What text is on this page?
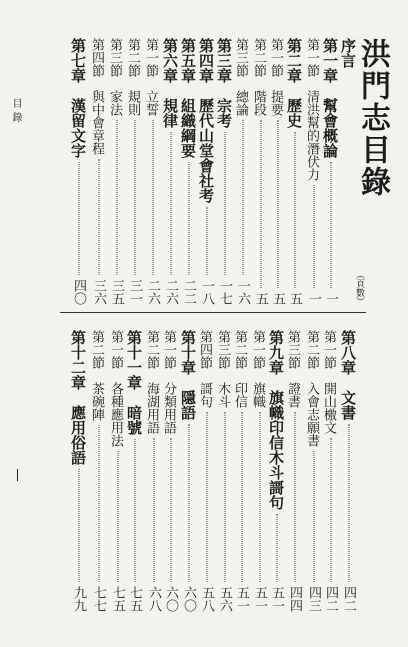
洪門志目錄
（頁數）
序言
第一章　幫會概論
一
第一節　清洪幫的潛伏力
一
第二章　歷史
五
第一節　提要
五
第二節　階段
五
第三節　總論
一六
第三章　宗考
一七
第四章　歷代山堂會社考
一八
第五章　組織綱要
二二
第六章　規律
二六
第一節　立誓
二六
第二節　規則
三一
第三節　家法
三五
第四節　與中會章程
三六
第七章　漢留文字
四〇
第八章　文書
四二
第一節　開山檄文
四二
第二節　入會志願書
四三
第三節　證書
四四
第九章　旗幟印信木斗謌句
五一
第一節　旗幟
五一
第二節　印信
五一
第三節　木斗
五六
第四節　謌句
五八
第十章　隱語
六〇
第一節　分類用語
六〇
第二節　海湖用語
六八
第十一章　暗號
七五
第一節　各種應用法
七五
第二節　茶碗陣
七七
第十二章　應用俗語
九九
目錄
